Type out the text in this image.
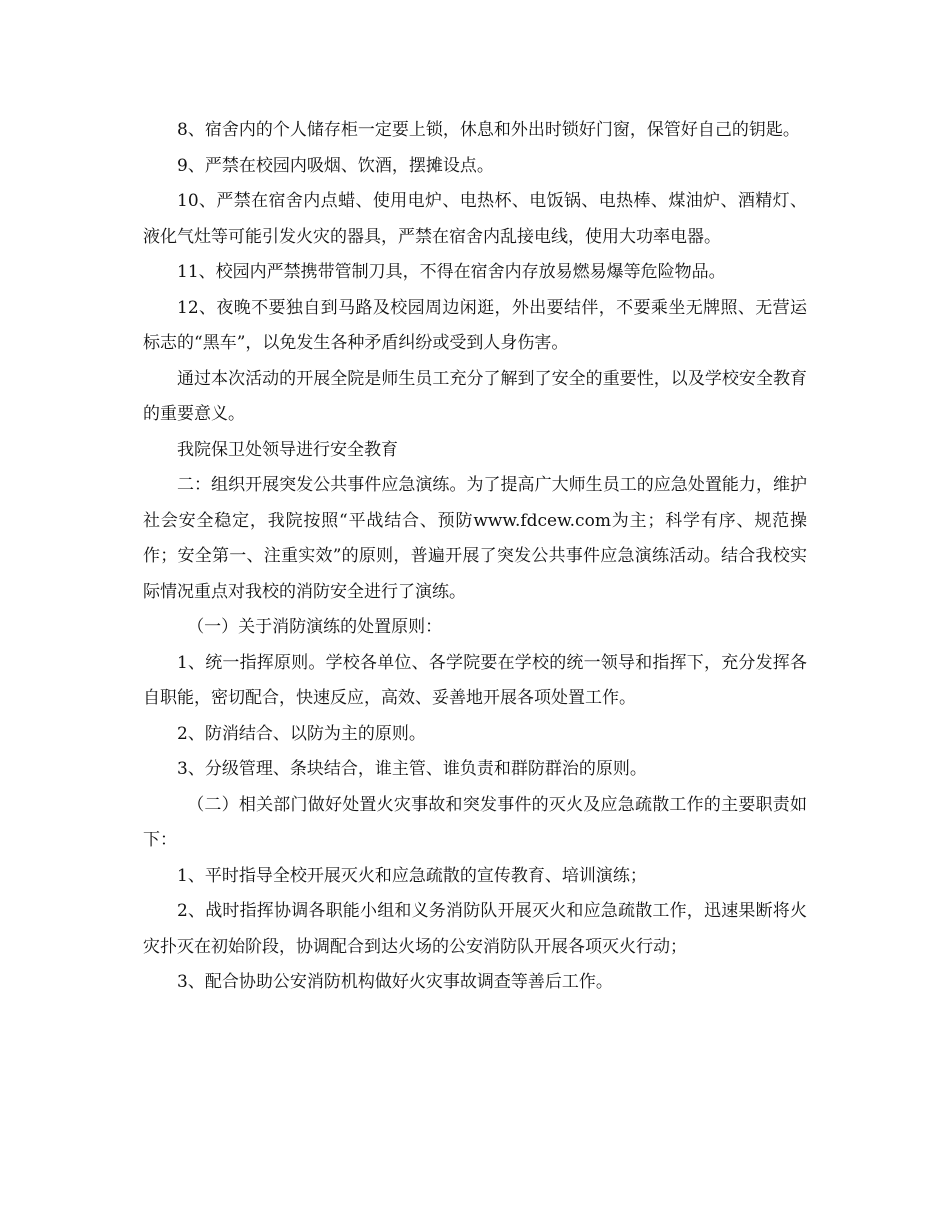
8、宿舍内的个人储存柜一定要上锁，休息和外出时锁好门窗，保管好自己的钥匙。

9、严禁在校园内吸烟、饮酒，摆摊设点。

10、严禁在宿舍内点蜡、使用电炉、电热杯、电饭锅、电热棒、煤油炉、酒精灯、液化气灶等可能引发火灾的器具，严禁在宿舍内乱接电线，使用大功率电器。

11、校园内严禁携带管制刀具，不得在宿舍内存放易燃易爆等危险物品。

12、夜晚不要独自到马路及校园周边闲逛，外出要结伴，不要乘坐无牌照、无营运标志的“黑车”，以免发生各种矛盾纠纷或受到人身伤害。

通过本次活动的开展全院是师生员工充分了解到了安全的重要性，以及学校安全教育的重要意义。

我院保卫处领导进行安全教育

二：组织开展突发公共事件应急演练。为了提高广大师生员工的应急处置能力，维护社会安全稳定，我院按照“平战结合、预防www.fdcew.com为主；科学有序、规范操作；安全第一、注重实效”的原则，普遍开展了突发公共事件应急演练活动。结合我校实际情况重点对我校的消防安全进行了演练。

（一）关于消防演练的处置原则：

1、统一指挥原则。学校各单位、各学院要在学校的统一领导和指挥下，充分发挥各自职能，密切配合，快速反应，高效、妥善地开展各项处置工作。

2、防消结合、以防为主的原则。

3、分级管理、条块结合，谁主管、谁负责和群防群治的原则。

（二）相关部门做好处置火灾事故和突发事件的灭火及应急疏散工作的主要职责如下：

1、平时指导全校开展灭火和应急疏散的宣传教育、培训演练；

2、战时指挥协调各职能小组和义务消防队开展灭火和应急疏散工作，迅速果断将火灾扑灭在初始阶段，协调配合到达火场的公安消防队开展各项灭火行动；

3、配合协助公安消防机构做好火灾事故调查等善后工作。
